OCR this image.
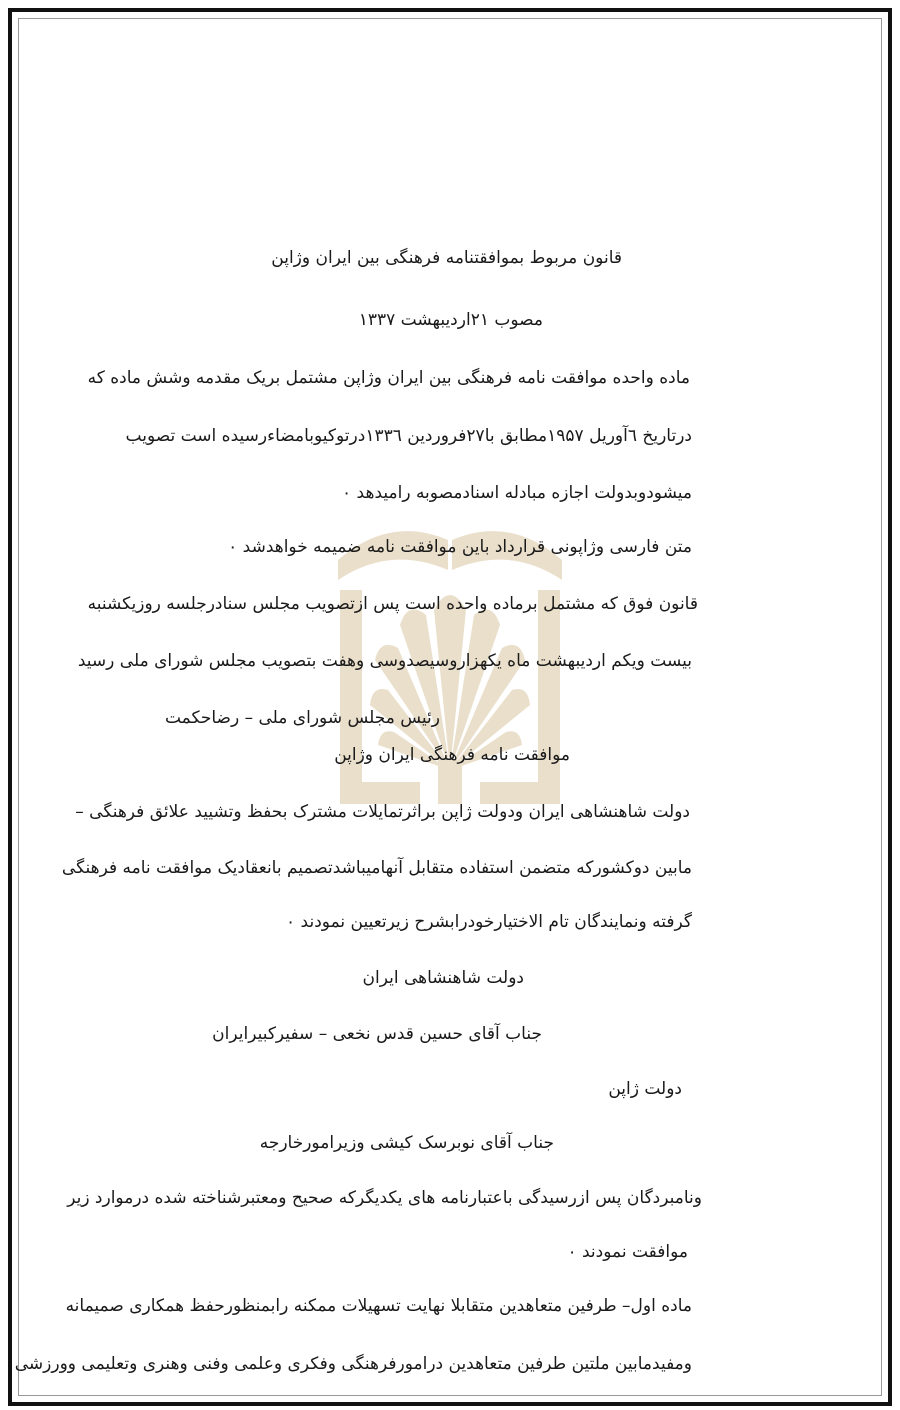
قانون مربوط بموافقتنامه فرهنگی بین ایران وژاپن
مصوب ۲۱اردیبهشت ۱۳۳۷
ماده واحده موافقت نامه فرهنگی بین ایران وژاپن مشتمل بریک مقدمه وشش ماده که
درتاریخ ٦آوریل ۱۹۵۷مطابق با۲۷فروردین ۱۳۳٦درتوکیوبامضاءرسیده است تصویب
میشودوبدولت اجازه مبادله اسنادمصوبه رامیدهد ۰
متن فارسی وژاپونی قرارداد باین موافقت نامه ضمیمه خواهدشد ۰
قانون فوق که مشتمل برماده واحده است پس ازتصویب مجلس سنادرجلسه روزیکشنبه
بیست ویکم اردیبهشت ماه یکهزاروسیصدوسی وهفت بتصویب مجلس شورای ملی رسید
رئیس مجلس شورای ملی – رضاحکمت
موافقت نامه فرهنگی ایران وژاپن
دولت شاهنشاهی ایران ودولت ژاپن براثرتمایلات مشترک بحفظ وتشیید علائق فرهنگی –
مابین دوکشورکه متضمن استفاده متقابل آنهامیباشدتصمیم بانعقادیک موافقت نامه فرهنگی
گرفته ونمایندگان تام الاختیارخودرابشرح زیرتعیین نمودند ۰
دولت شاهنشاهی ایران
جناب آقای حسین قدس نخعی – سفیرکبیرایران
دولت ژاپن
جناب آقای نوبرسک کیشی وزیرامورخارجه
ونامبردگان پس ازرسیدگی باعتبارنامه های یکدیگرکه صحیح ومعتبرشناخته شده درموارد زیر
موافقت نمودند ۰
ماده اول– طرفین متعاهدین متقابلا نهایت تسهیلات ممکنه رابمنظورحفظ همکاری صمیمانه
ومفیدمابین ملتین طرفین متعاهدین درامورفرهنگی وفکری وعلمی وفنی وهنری وتعلیمی وورزشی
